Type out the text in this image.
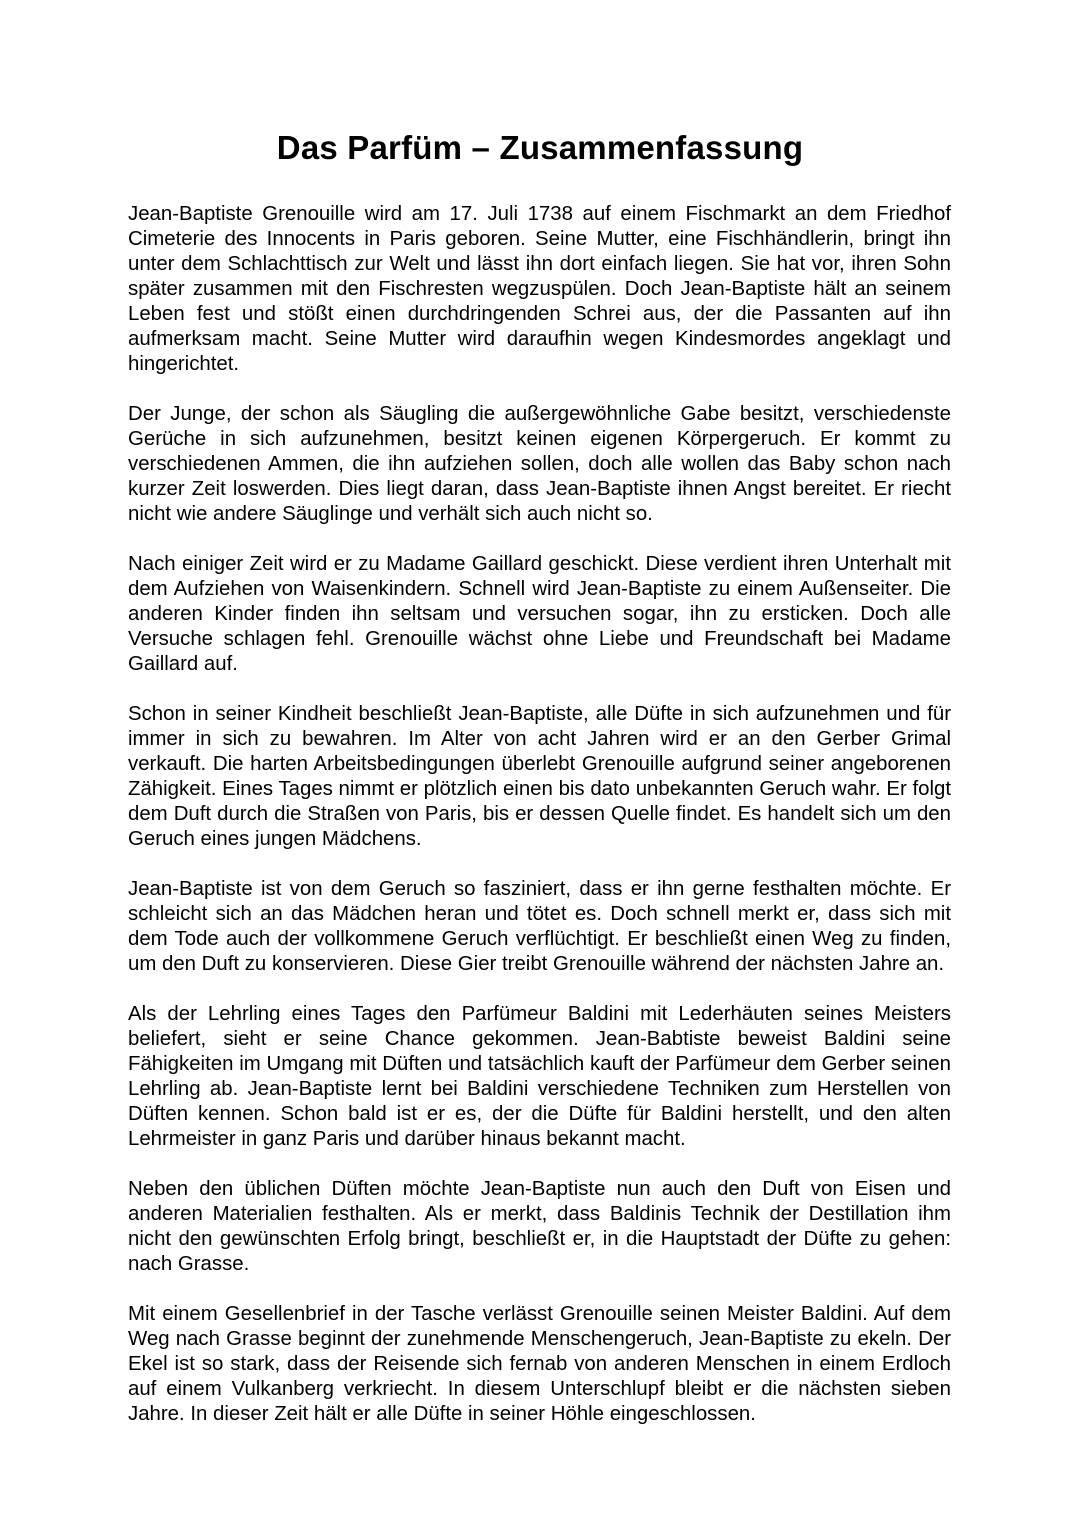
Das Parfüm – Zusammenfassung

Jean-Baptiste Grenouille wird am 17. Juli 1738 auf einem Fischmarkt an dem Friedhof Cimeterie des Innocents in Paris geboren. Seine Mutter, eine Fischhändlerin, bringt ihn unter dem Schlachttisch zur Welt und lässt ihn dort einfach liegen. Sie hat vor, ihren Sohn später zusammen mit den Fischresten wegzuspülen. Doch Jean-Baptiste hält an seinem Leben fest und stößt einen durchdringenden Schrei aus, der die Passanten auf ihn aufmerksam macht. Seine Mutter wird daraufhin wegen Kindesmordes angeklagt und hingerichtet.

Der Junge, der schon als Säugling die außergewöhnliche Gabe besitzt, verschiedenste Gerüche in sich aufzunehmen, besitzt keinen eigenen Körpergeruch. Er kommt zu verschiedenen Ammen, die ihn aufziehen sollen, doch alle wollen das Baby schon nach kurzer Zeit loswerden. Dies liegt daran, dass Jean-Baptiste ihnen Angst bereitet. Er riecht nicht wie andere Säuglinge und verhält sich auch nicht so.

Nach einiger Zeit wird er zu Madame Gaillard geschickt. Diese verdient ihren Unterhalt mit dem Aufziehen von Waisenkindern. Schnell wird Jean-Baptiste zu einem Außenseiter. Die anderen Kinder finden ihn seltsam und versuchen sogar, ihn zu ersticken. Doch alle Versuche schlagen fehl. Grenouille wächst ohne Liebe und Freundschaft bei Madame Gaillard auf.

Schon in seiner Kindheit beschließt Jean-Baptiste, alle Düfte in sich aufzunehmen und für immer in sich zu bewahren. Im Alter von acht Jahren wird er an den Gerber Grimal verkauft. Die harten Arbeitsbedingungen überlebt Grenouille aufgrund seiner angeborenen Zähigkeit. Eines Tages nimmt er plötzlich einen bis dato unbekannten Geruch wahr. Er folgt dem Duft durch die Straßen von Paris, bis er dessen Quelle findet. Es handelt sich um den Geruch eines jungen Mädchens.

Jean-Baptiste ist von dem Geruch so fasziniert, dass er ihn gerne festhalten möchte. Er schleicht sich an das Mädchen heran und tötet es. Doch schnell merkt er, dass sich mit dem Tode auch der vollkommene Geruch verflüchtigt. Er beschließt einen Weg zu finden, um den Duft zu konservieren. Diese Gier treibt Grenouille während der nächsten Jahre an.

Als der Lehrling eines Tages den Parfümeur Baldini mit Lederhäuten seines Meisters beliefert, sieht er seine Chance gekommen. Jean-Babtiste beweist Baldini seine Fähigkeiten im Umgang mit Düften und tatsächlich kauft der Parfümeur dem Gerber seinen Lehrling ab. Jean-Baptiste lernt bei Baldini verschiedene Techniken zum Herstellen von Düften kennen. Schon bald ist er es, der die Düfte für Baldini herstellt, und den alten Lehrmeister in ganz Paris und darüber hinaus bekannt macht.

Neben den üblichen Düften möchte Jean-Baptiste nun auch den Duft von Eisen und anderen Materialien festhalten. Als er merkt, dass Baldinis Technik der Destillation ihm nicht den gewünschten Erfolg bringt, beschließt er, in die Hauptstadt der Düfte zu gehen: nach Grasse.

Mit einem Gesellenbrief in der Tasche verlässt Grenouille seinen Meister Baldini. Auf dem Weg nach Grasse beginnt der zunehmende Menschengeruch, Jean-Baptiste zu ekeln. Der Ekel ist so stark, dass der Reisende sich fernab von anderen Menschen in einem Erdloch auf einem Vulkanberg verkriecht. In diesem Unterschlupf bleibt er die nächsten sieben Jahre. In dieser Zeit hält er alle Düfte in seiner Höhle eingeschlossen.
